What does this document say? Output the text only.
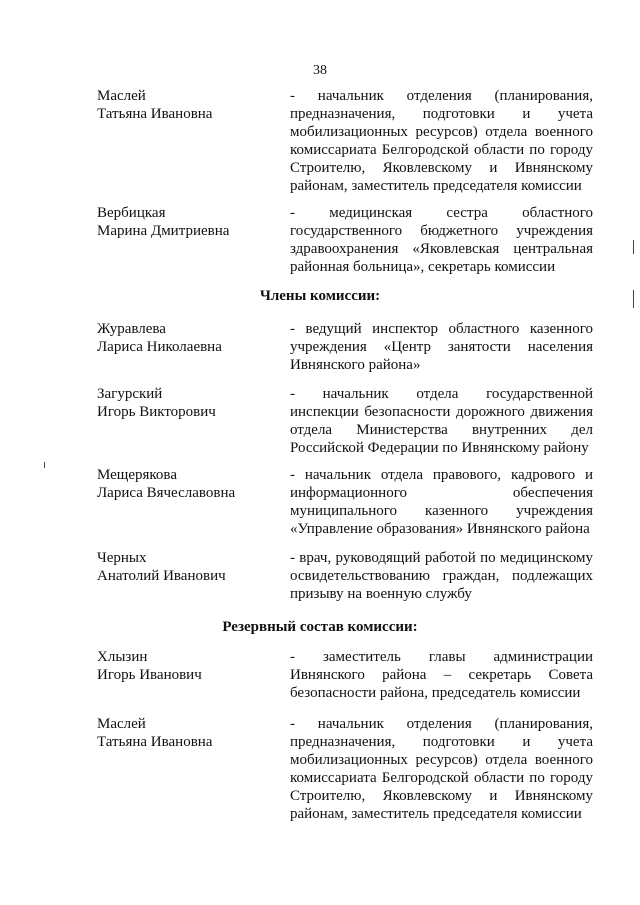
38
Маслей
Татьяна Ивановна
- начальник отделения (планирования, предназначения, подготовки и учета мобилизационных ресурсов) отдела военного комиссариата Белгородской области по городу Строителю, Яковлевскому и Ивнянскому районам, заместитель председателя комиссии
Вербицкая
Марина Дмитриевна
- медицинская сестра областного государственного бюджетного учреждения здравоохранения «Яковлевская центральная районная больница», секретарь комиссии
Члены комиссии:
Журавлева
Лариса Николаевна
- ведущий инспектор областного казенного учреждения «Центр занятости населения Ивнянского района»
Загурский
Игорь Викторович
- начальник отдела государственной инспекции безопасности дорожного движения отдела Министерства внутренних дел Российской Федерации по Ивнянскому району
Мещерякова
Лариса Вячеславовна
- начальник отдела правового, кадрового и информационного обеспечения муниципального казенного учреждения «Управление образования» Ивнянского района
Черных
Анатолий Иванович
- врач, руководящий работой по медицинскому освидетельствованию граждан, подлежащих призыву на военную службу
Резервный состав комиссии:
Хлызин
Игорь Иванович
- заместитель главы администрации Ивнянского района – секретарь Совета безопасности района, председатель комиссии
Маслей
Татьяна Ивановна
- начальник отделения (планирования, предназначения, подготовки и учета мобилизационных ресурсов) отдела военного комиссариата Белгородской области по городу Строителю, Яковлевскому и Ивнянскому районам, заместитель председателя комиссии
